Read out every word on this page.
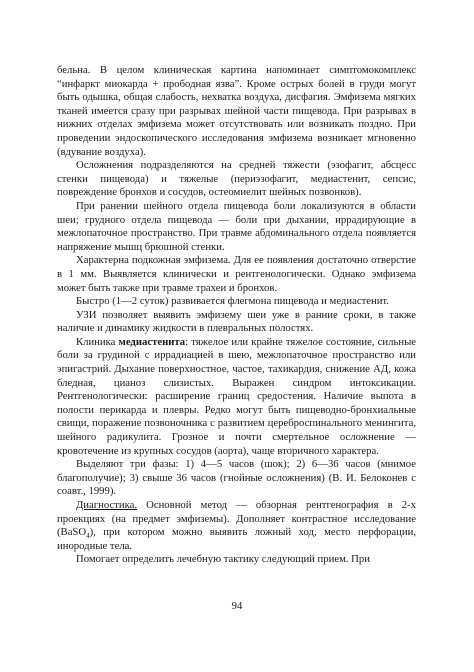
бельна. В целом клиническая картина напоминает симптомокомплекс “инфаркт миокарда + прободная язва”. Кроме острых болей в груди могут быть одышка, общая слабость, нехватка воздуха, дисфагия. Эмфизема мягких тканей имеется сразу при разрывах шейной части пищевода. При разрывах в нижних отделах эмфизема может отсутствовать или возникать поздно. При проведении эндоскопического исследования эмфизема возникает мгновенно (вдувание воздуха).

Осложнения подразделяются на средней тяжести (эзофагит, абсцесс стенки пищевода) и тяжелые (периэзофагит, медиастенит, сепсис, повреждение бронхов и сосудов, остеомиелит шейных позвонков).

При ранении шейного отдела пищевода боли локализуются в области шеи; грудного отдела пищевода — боли при дыхании, иррадирующие в межлопаточное пространство. При травме абдоминального отдела появляется напряжение мышц брюшной стенки.

Характерна подкожная эмфизема. Для ее появления достаточно отверстие в 1 мм. Выявляется клинически и рентгенологически. Однако эмфизема может быть также при травме трахеи и бронхов.

Быстро (1—2 суток) развивается флегмона пищевода и медиастенит.

УЗИ позволяет выявить эмфизему шеи уже в ранние сроки, в также наличие и динамику жидкости в плевральных полостях.

Клиника медиастенита: тяжелое или крайне тяжелое состояние, сильные боли за грудиной с иррадиацией в шею, межлопаточное пространство или эпигастрий. Дыхание поверхностное, частое, тахикардия, снижение АД, кожа бледная, цианоз слизистых. Выражен синдром интоксикации. Рентгенологически: расширение границ средостения. Наличие выпота в полости перикарда и плевры. Редко могут быть пищеводно-бронхиальные свищи, поражение позвоночника с развитием цереброспинального менингита, шейного радикулита. Грозное и почти смертельное осложнение — кровотечение из крупных сосудов (аорта), чаще вторичного характера.

Выделяют три фазы: 1) 4—5 часов (шок); 2) 6—36 часов (мнимое благополучие); 3) свыше 36 часов (гнойные осложнения) (В. И. Белоконев с соавт., 1999).

Диагностика. Основной метод — обзорная рентгенография в 2-х проекциях (на предмет эмфиземы). Дополняет контрастное исследование (BaSO$_4$), при котором можно выявить ложный ход, место перфорации, инородные тела.

Помогает определить лечебную тактику следующий прием. При

94
